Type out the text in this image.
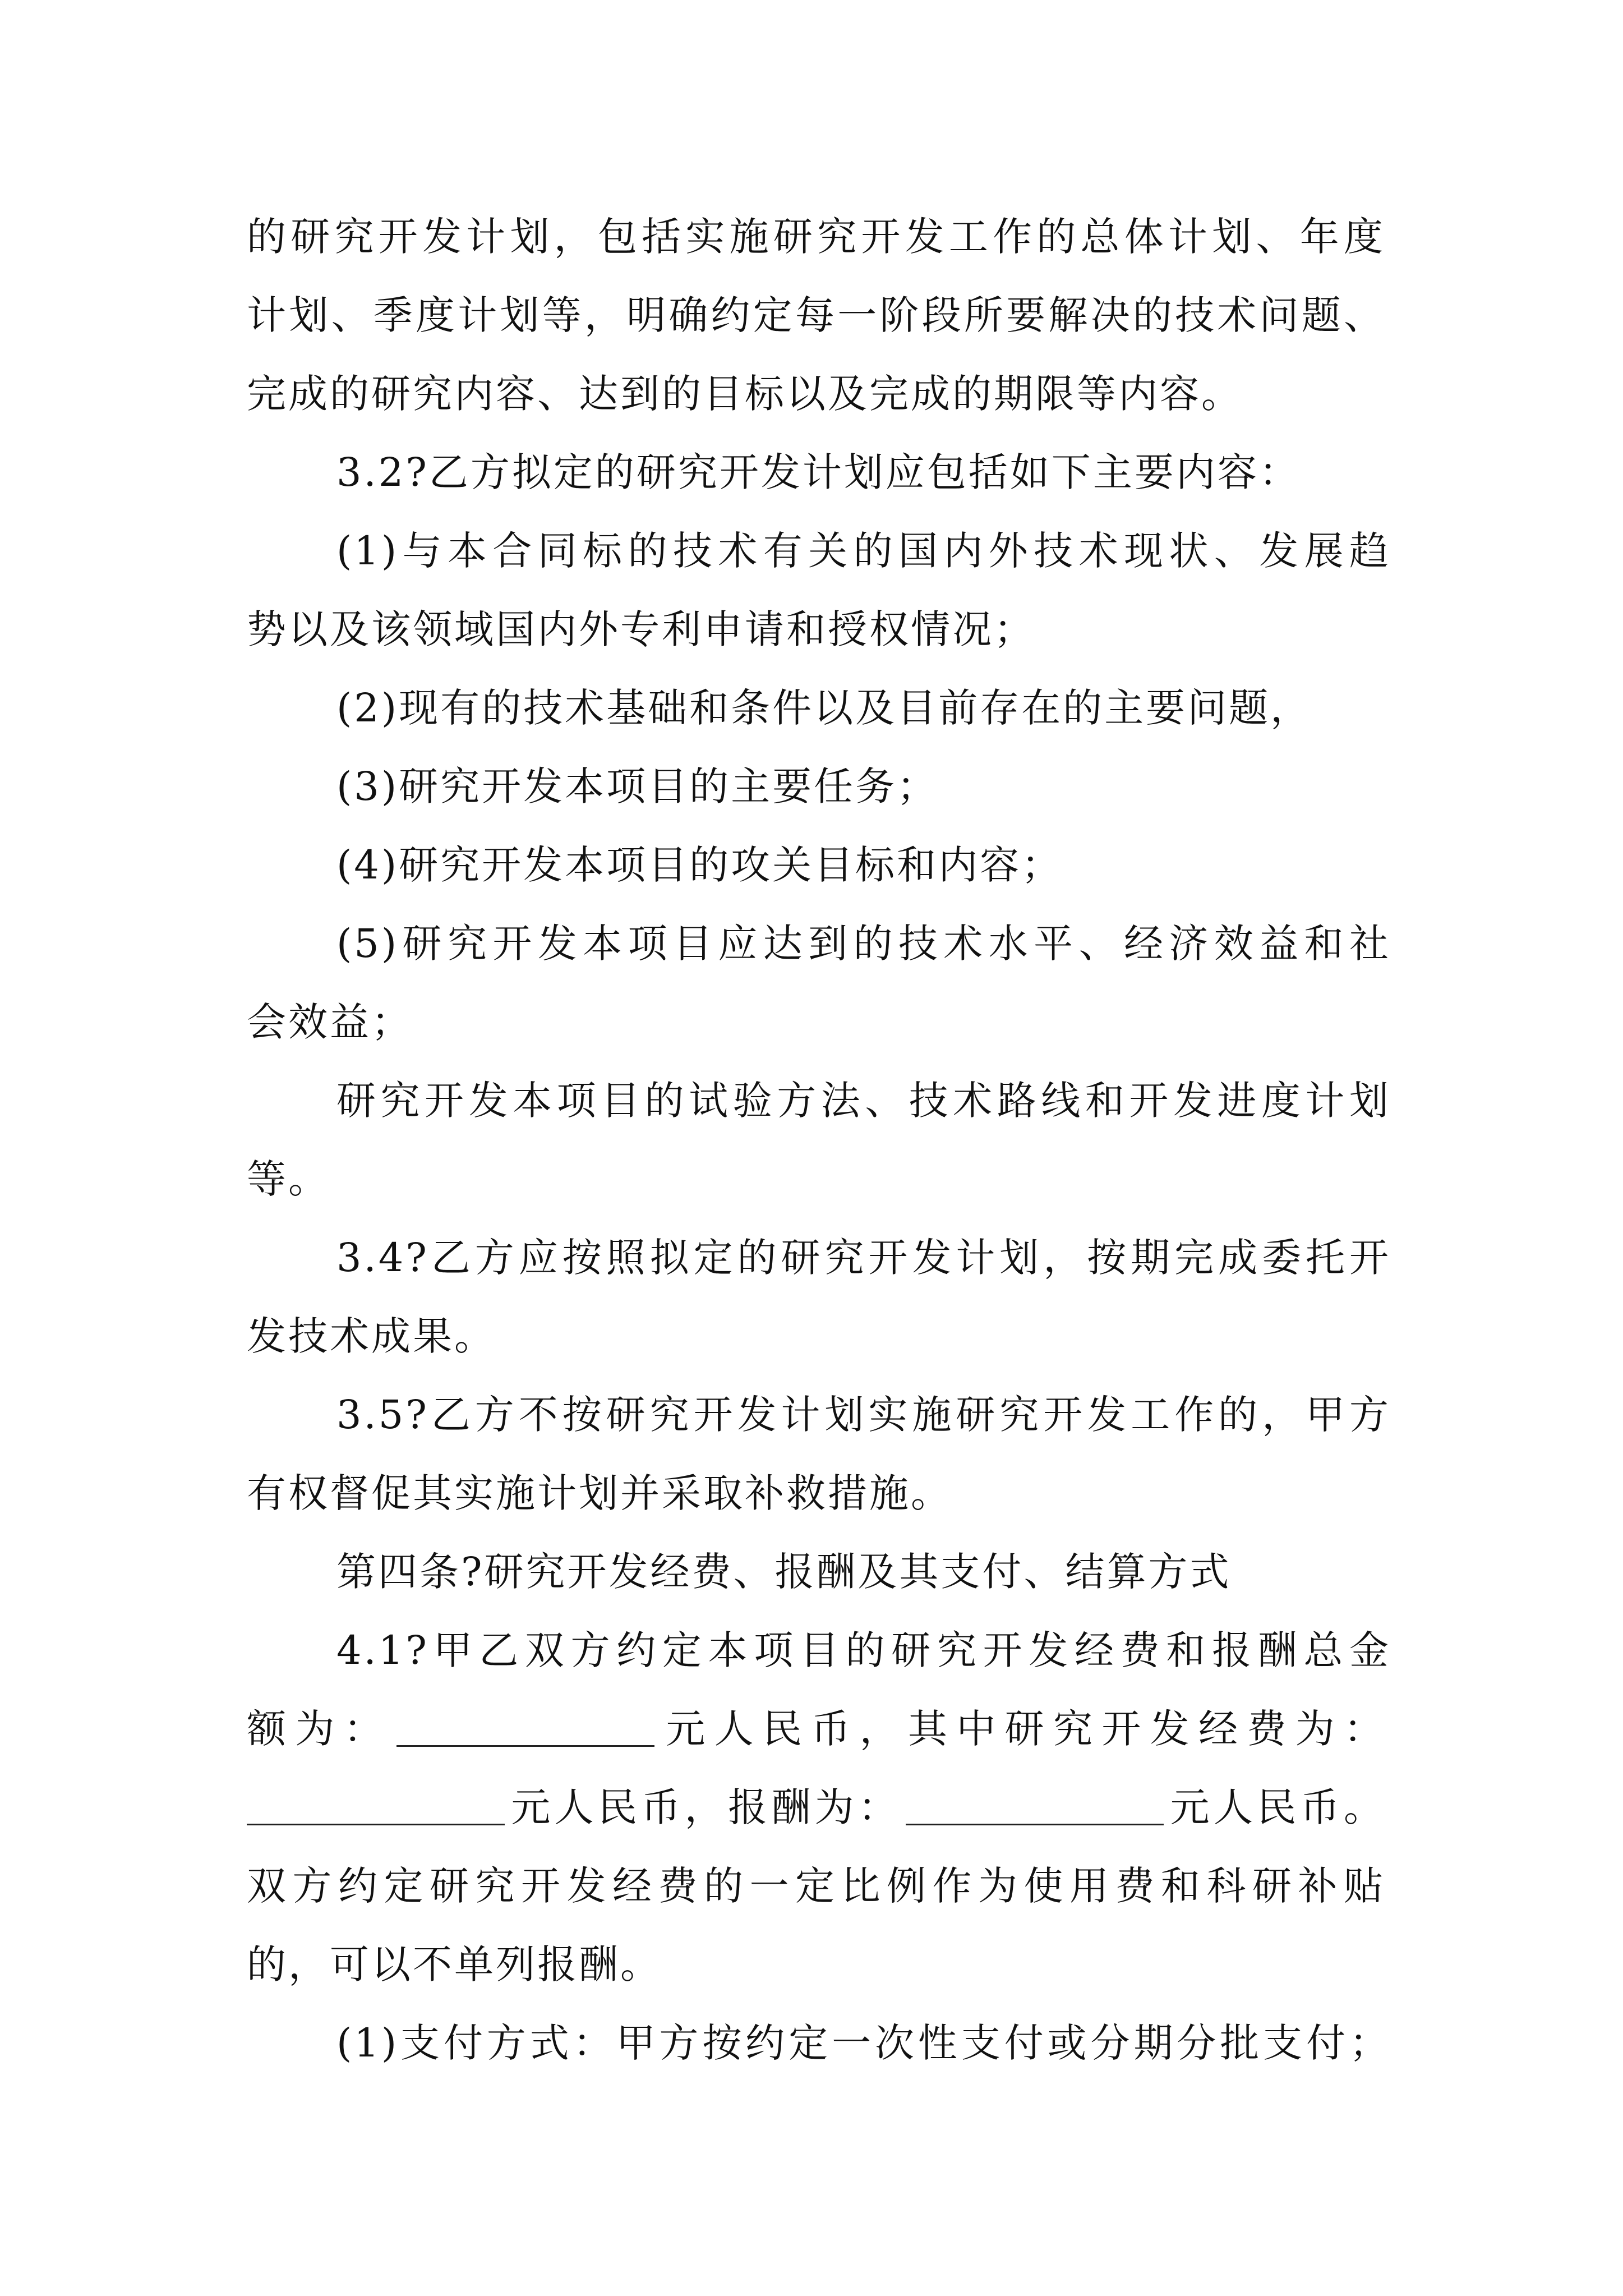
的研究开发计划，包括实施研究开发工作的总体计划、年度
计划、季度计划等，明确约定每一阶段所要解决的技术问题、
完成的研究内容、达到的目标以及完成的期限等内容。
3.2?乙方拟定的研究开发计划应包括如下主要内容：
(1)与本合同标的技术有关的国内外技术现状、发展趋
势以及该领域国内外专利申请和授权情况；
(2)现有的技术基础和条件以及目前存在的主要问题，
(3)研究开发本项目的主要任务；
(4)研究开发本项目的攻关目标和内容；
(5)研究开发本项目应达到的技术水平、经济效益和社
会效益；
研究开发本项目的试验方法、技术路线和开发进度计划
等。
3.4?乙方应按照拟定的研究开发计划，按期完成委托开
发技术成果。
3.5?乙方不按研究开发计划实施研究开发工作的，甲方
有权督促其实施计划并采取补救措施。
第四条?研究开发经费、报酬及其支付、结算方式
4.1?甲乙双方约定本项目的研究开发经费和报酬总金
额为：	元人民币，其中研究开发经费为：
元人民币，报酬为：	元人民币。
双方约定研究开发经费的一定比例作为使用费和科研补贴
的，可以不单列报酬。
(1)支付方式：甲方按约定一次性支付或分期分批支付；
